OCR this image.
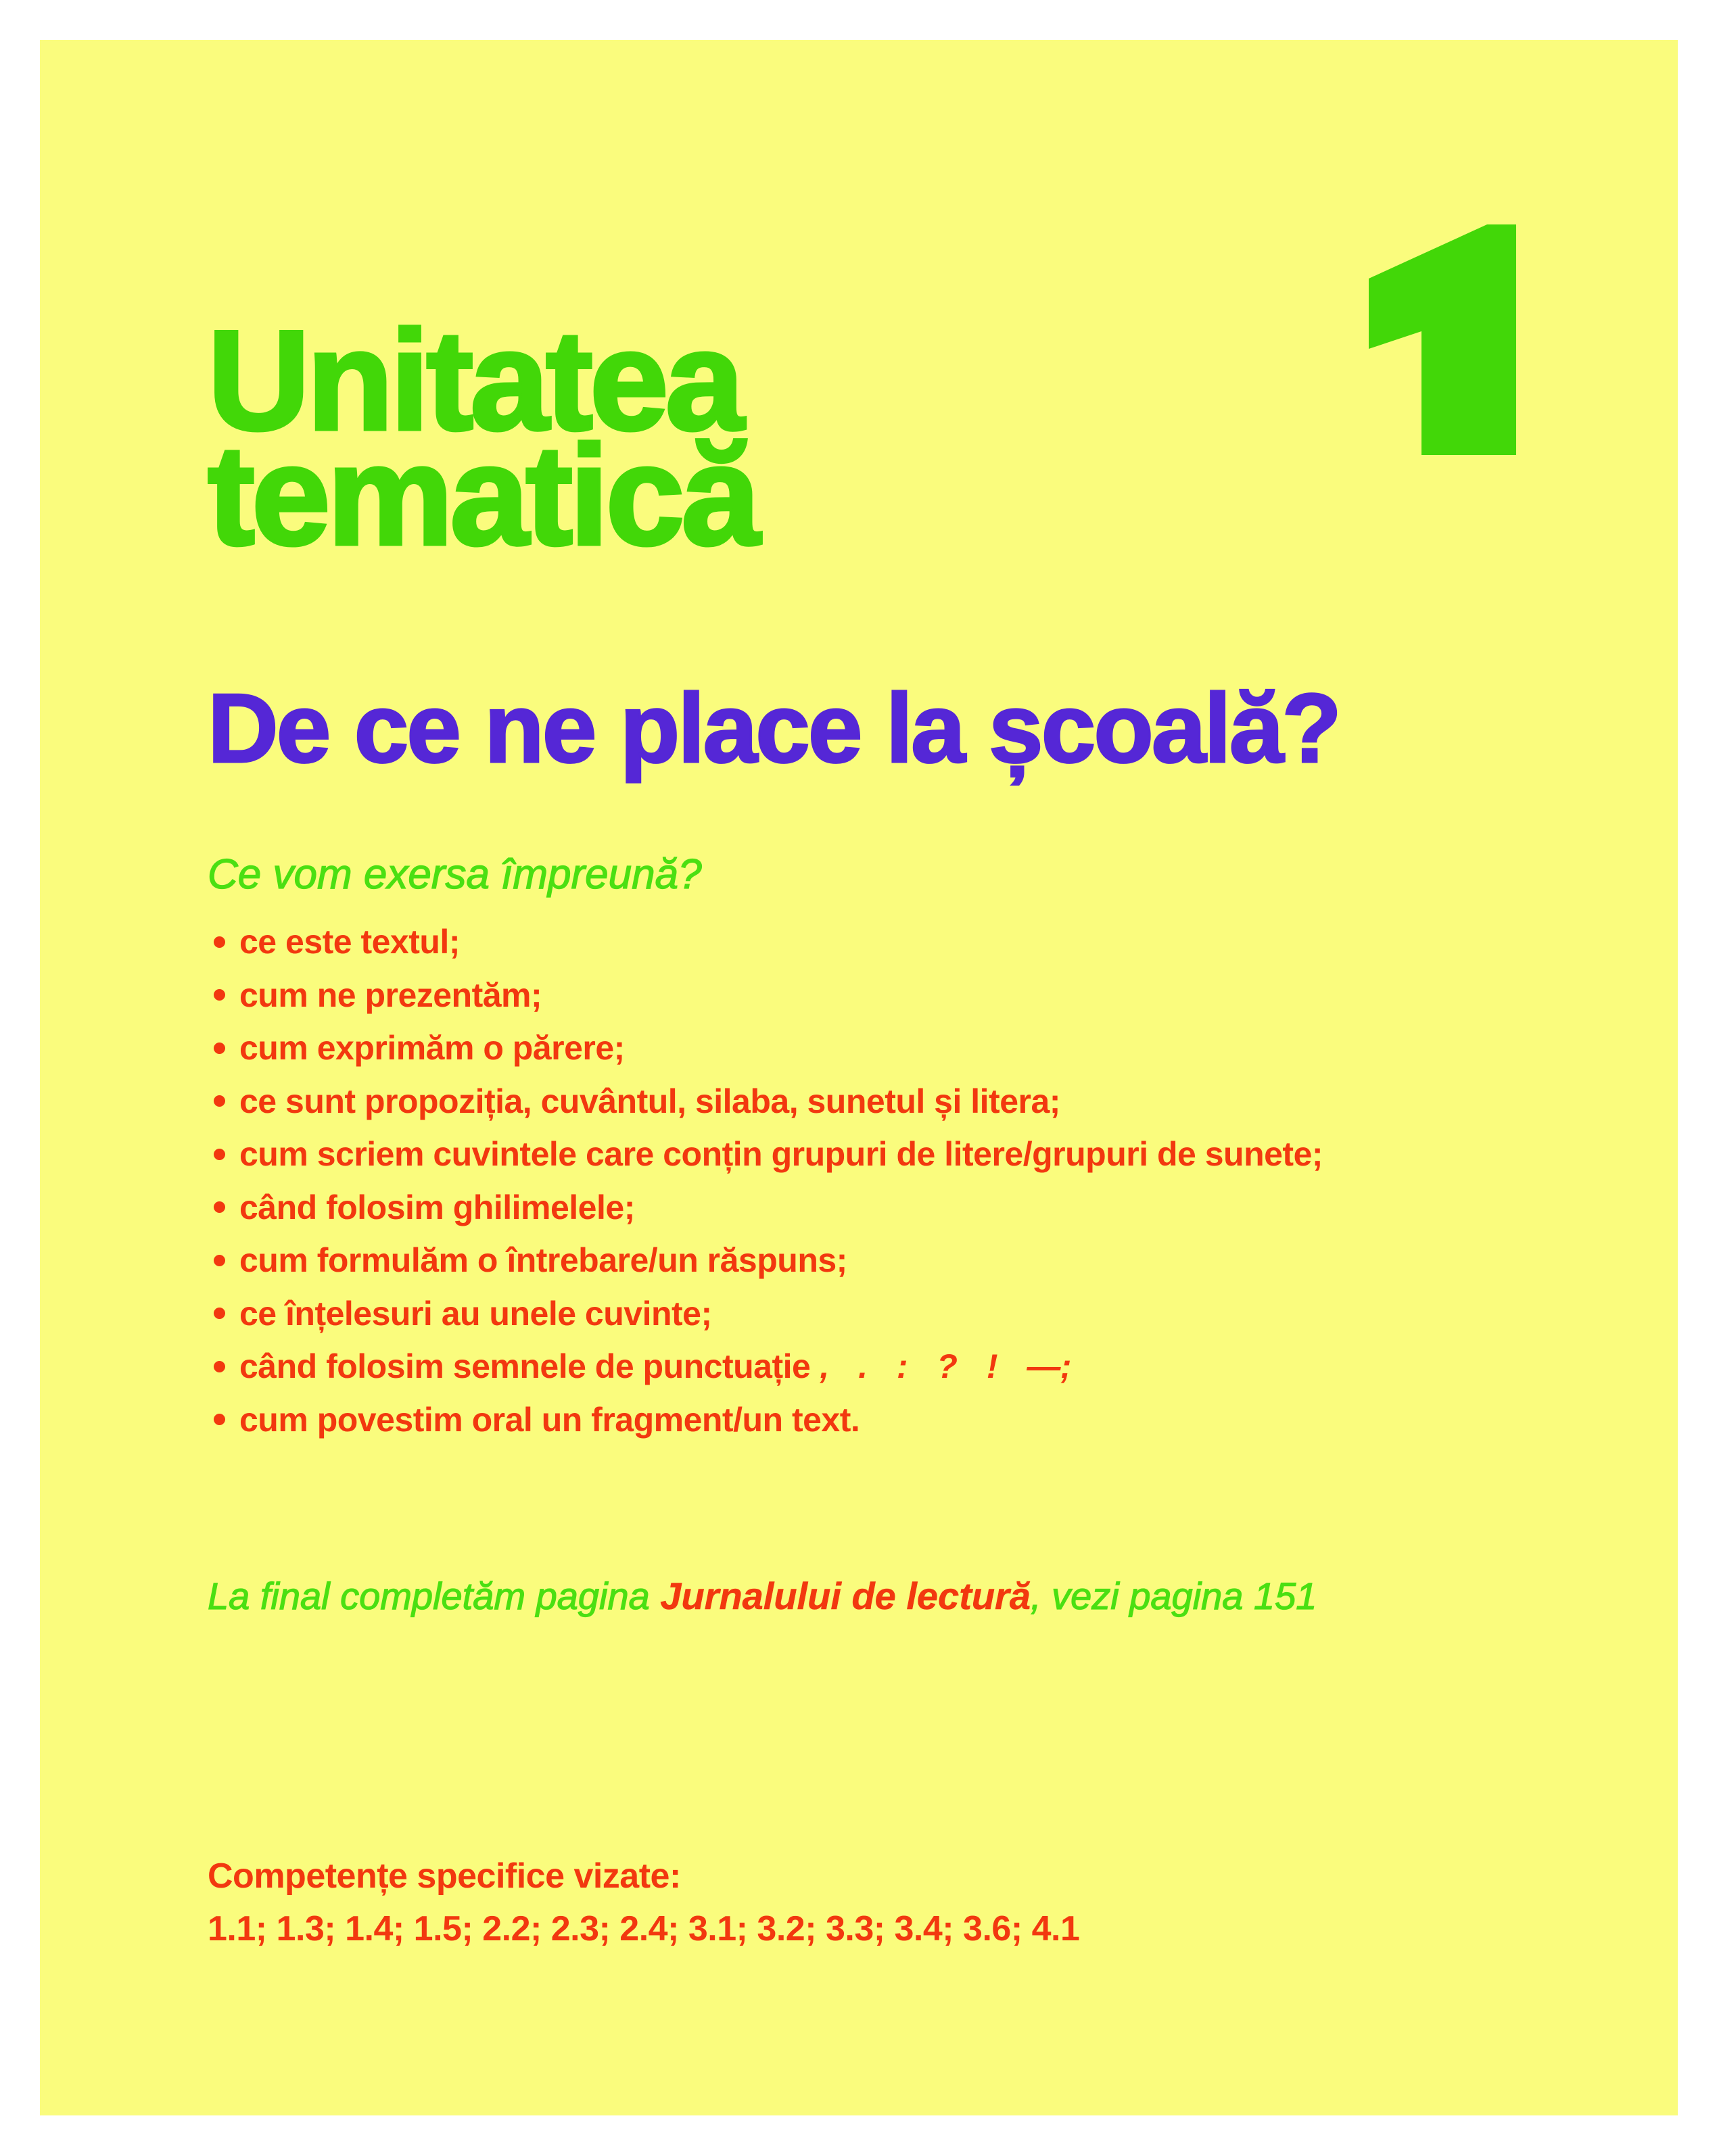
Unitatea
tematică
De ce ne place la școală?
Ce vom exersa împreună?
ce este textul;
cum ne prezentăm;
cum exprimăm o părere;
ce sunt propoziția, cuvântul, silaba, sunetul și litera;
cum scriem cuvintele care conțin grupuri de litere/grupuri de sunete;
când folosim ghilimelele;
cum formulăm o întrebare/un răspuns;
ce înțelesuri au unele cuvinte;
când folosim semnele de punctuație , . : ? ! —;
cum povestim oral un fragment/un text.
La final completăm pagina Jurnalului de lectură, vezi pagina 151
Competențe specifice vizate:
1.1; 1.3; 1.4; 1.5; 2.2; 2.3; 2.4; 3.1; 3.2; 3.3; 3.4; 3.6; 4.1
